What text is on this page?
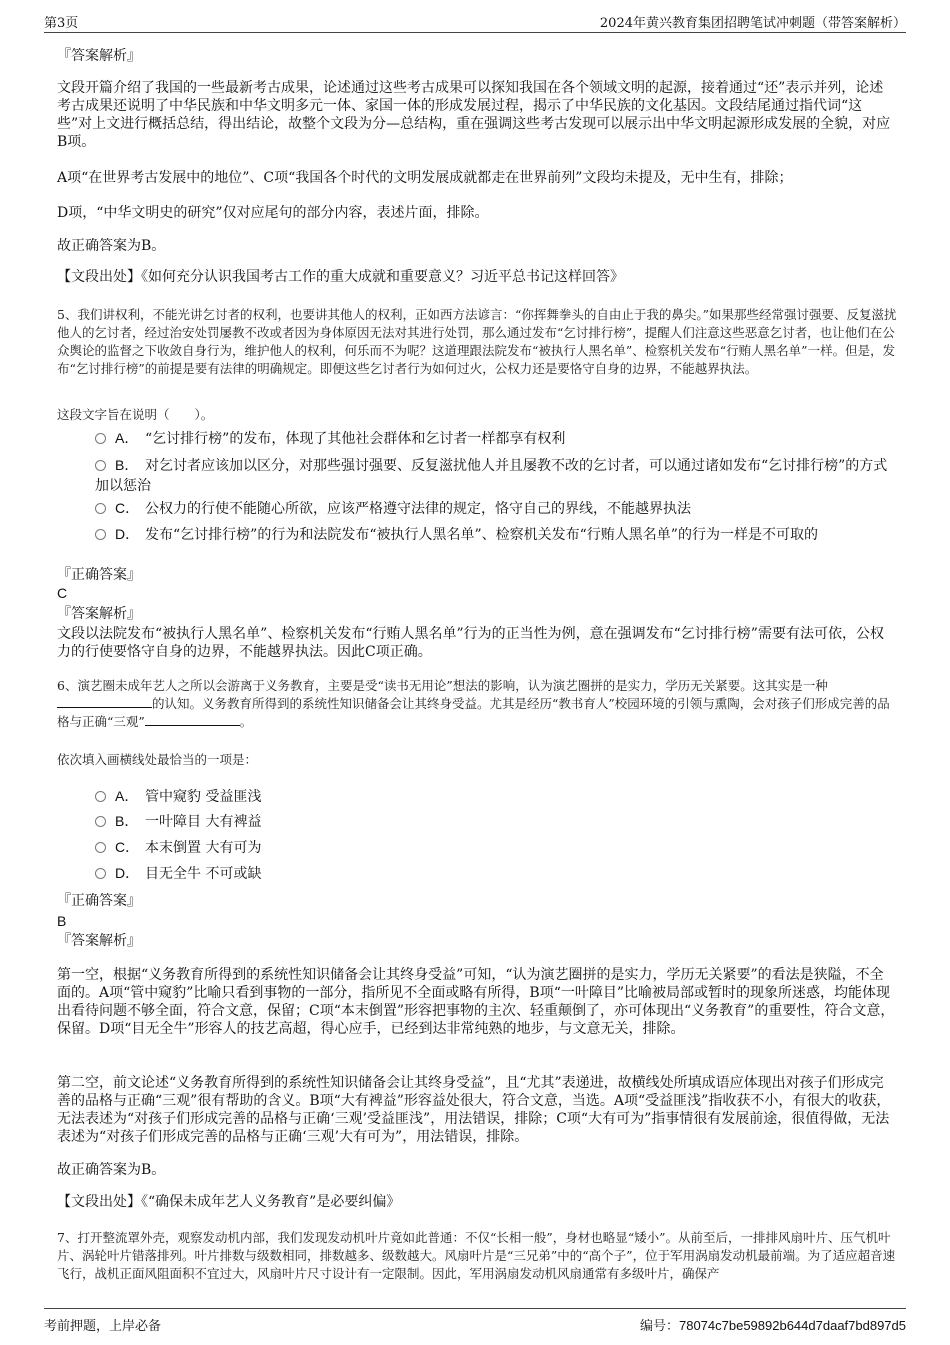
第3页	2024年黄兴教育集团招聘笔试冲刺题（带答案解析）

『答案解析』

文段开篇介绍了我国的一些最新考古成果，论述通过这些考古成果可以探知我国在各个领域文明的起源，接着通过“还”表示并列，论述考古成果还说明了中华民族和中华文明多元一体、家国一体的形成发展过程，揭示了中华民族的文化基因。文段结尾通过指代词“这些”对上文进行概括总结，得出结论，故整个文段为分—总结构，重在强调这些考古发现可以展示出中华文明起源形成发展的全貌，对应B项。

A项“在世界考古发展中的地位”、C项“我国各个时代的文明发展成就都走在世界前列”文段均未提及，无中生有，排除；

D项，“中华文明史的研究”仅对应尾句的部分内容，表述片面，排除。

故正确答案为B。

【文段出处】《如何充分认识我国考古工作的重大成就和重要意义？习近平总书记这样回答》

5、我们讲权利，不能光讲乞讨者的权利，也要讲其他人的权利，正如西方法谚言：“你挥舞拳头的自由止于我的鼻尖。”如果那些经常强讨强要、反复滋扰他人的乞讨者，经过治安处罚屡教不改或者因为身体原因无法对其进行处罚，那么通过发布“乞讨排行榜”，提醒人们注意这些恶意乞讨者，也让他们在公众舆论的监督之下收敛自身行为，维护他人的权利，何乐而不为呢？这道理跟法院发布“被执行人黑名单”、检察机关发布“行贿人黑名单”一样。但是，发布“乞讨排行榜”的前提是要有法律的明确规定。即便这些乞讨者行为如何过火，公权力还是要恪守自身的边界，不能越界执法。

这段文字旨在说明（　　）。

A． “乞讨排行榜”的发布，体现了其他社会群体和乞讨者一样都享有权利
B． 对乞讨者应该加以区分，对那些强讨强要、反复滋扰他人并且屡教不改的乞讨者，可以通过诸如发布“乞讨排行榜”的方式加以惩治
C． 公权力的行使不能随心所欲，应该严格遵守法律的规定，恪守自己的界线，不能越界执法
D． 发布“乞讨排行榜”的行为和法院发布“被执行人黑名单”、检察机关发布“行贿人黑名单”的行为一样是不可取的

『正确答案』

C

『答案解析』

文段以法院发布“被执行人黑名单”、检察机关发布“行贿人黑名单”行为的正当性为例，意在强调发布“乞讨排行榜”需要有法可依，公权力的行使要恪守自身的边界，不能越界执法。因此C项正确。

6、演艺圈未成年艺人之所以会游离于义务教育，主要是受“读书无用论”想法的影响，认为演艺圈拼的是实力，学历无关紧要。这其实是一种的认知。义务教育所得到的系统性知识储备会让其终身受益。尤其是经历“教书育人”校园环境的引领与熏陶，会对孩子们形成完善的品格与正确“三观”	。

依次填入画横线处最恰当的一项是：

A． 管中窥豹 受益匪浅
B． 一叶障目 大有裨益
C． 本末倒置 大有可为
D． 目无全牛 不可或缺

『正确答案』

B

『答案解析』

第一空，根据“义务教育所得到的系统性知识储备会让其终身受益”可知，“认为演艺圈拼的是实力，学历无关紧要”的看法是狭隘，不全面的。A项“管中窥豹”比喻只看到事物的一部分，指所见不全面或略有所得，B项“一叶障目”比喻被局部或暂时的现象所迷惑，均能体现出看待问题不够全面，符合文意，保留；C项“本末倒置”形容把事物的主次、轻重颠倒了，亦可体现出“义务教育”的重要性，符合文意，保留。D项“目无全牛”形容人的技艺高超，得心应手，已经到达非常纯熟的地步，与文意无关，排除。

第二空，前文论述“义务教育所得到的系统性知识储备会让其终身受益”，且“尤其”表递进，故横线处所填成语应体现出对孩子们形成完善的品格与正确“三观”很有帮助的含义。B项“大有裨益”形容益处很大，符合文意，当选。A项“受益匪浅”指收获不小，有很大的收获，无法表述为“对孩子们形成完善的品格与正确‘三观’受益匪浅”，用法错误，排除；C项“大有可为”指事情很有发展前途，很值得做，无法表述为“对孩子们形成完善的品格与正确‘三观’大有可为”，用法错误，排除。

故正确答案为B。

【文段出处】《“确保未成年艺人义务教育”是必要纠偏》

7、打开整流罩外壳，观察发动机内部，我们发现发动机叶片竟如此普通：不仅“长相一般”，身材也略显“矮小”。从前至后，一排排风扇叶片、压气机叶片、涡轮叶片错落排列。叶片排数与级数相同，排数越多、级数越大。风扇叶片是“三兄弟”中的“高个子”，位于军用涡扇发动机最前端。为了适应超音速飞行，战机正面风阻面积不宜过大，风扇叶片尺寸设计有一定限制。因此，军用涡扇发动机风扇通常有多级叶片，确保产

考前押题，上岸必备	编号：78074c7be59892b644d7daaf7bd897d5
